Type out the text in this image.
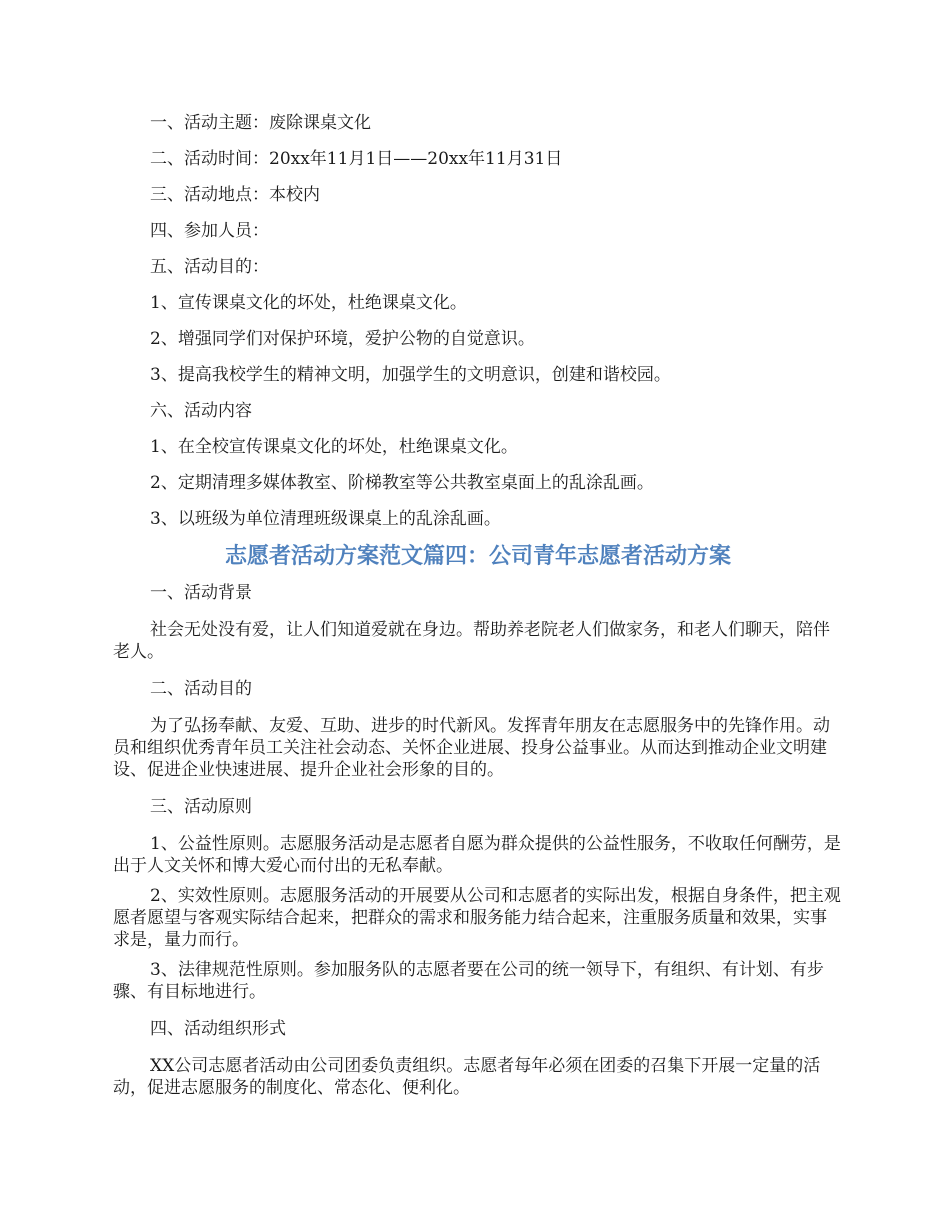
一、活动主题：废除课桌文化

二、活动时间：20xx年11月1日——20xx年11月31日

三、活动地点：本校内

四、参加人员：

五、活动目的：

1、宣传课桌文化的坏处，杜绝课桌文化。

2、增强同学们对保护环境，爱护公物的自觉意识。

3、提高我校学生的精神文明，加强学生的文明意识，创建和谐校园。

六、活动内容

1、在全校宣传课桌文化的坏处，杜绝课桌文化。

2、定期清理多媒体教室、阶梯教室等公共教室桌面上的乱涂乱画。

3、以班级为单位清理班级课桌上的乱涂乱画。

志愿者活动方案范文篇四：公司青年志愿者活动方案

一、活动背景

社会无处没有爱，让人们知道爱就在身边。帮助养老院老人们做家务，和老人们聊天，陪伴老人。

二、活动目的

为了弘扬奉献、友爱、互助、进步的时代新风。发挥青年朋友在志愿服务中的先锋作用。动员和组织优秀青年员工关注社会动态、关怀企业进展、投身公益事业。从而达到推动企业文明建设、促进企业快速进展、提升企业社会形象的目的。

三、活动原则

1、公益性原则。志愿服务活动是志愿者自愿为群众提供的公益性服务，不收取任何酬劳，是出于人文关怀和博大爱心而付出的无私奉献。

2、实效性原则。志愿服务活动的开展要从公司和志愿者的实际出发，根据自身条件，把主观愿者愿望与客观实际结合起来，把群众的需求和服务能力结合起来，注重服务质量和效果，实事求是，量力而行。

3、法律规范性原则。参加服务队的志愿者要在公司的统一领导下，有组织、有计划、有步骤、有目标地进行。

四、活动组织形式

XX公司志愿者活动由公司团委负责组织。志愿者每年必须在团委的召集下开展一定量的活动，促进志愿服务的制度化、常态化、便利化。
